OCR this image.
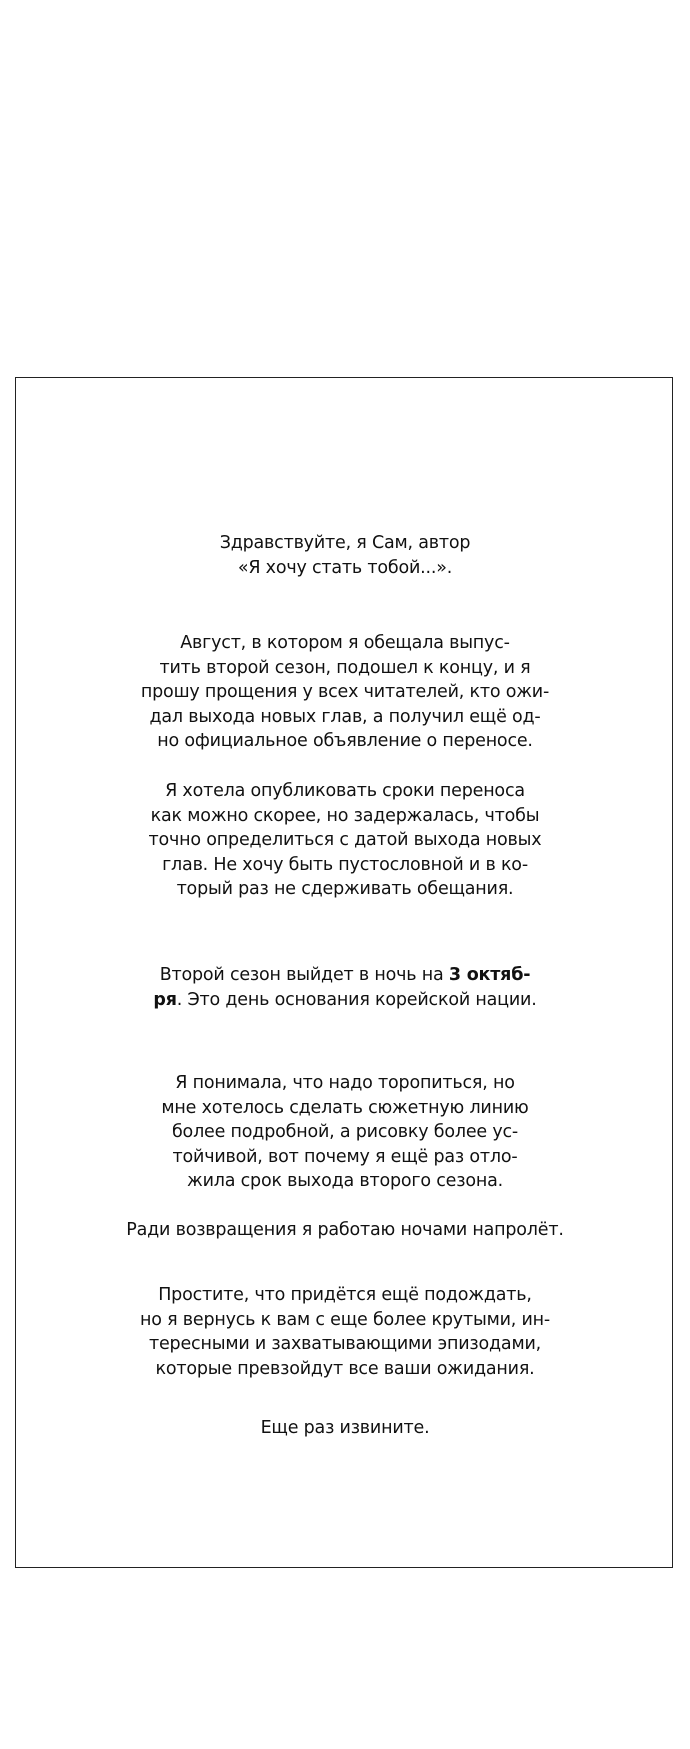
Здравствуйте, я Сам, автор
«Я хочу стать тобой...».

Август, в котором я обещала выпус-
тить второй сезон, подошел к концу, и я
прошу прощения у всех читателей, кто ожи-
дал выхода новых глав, а получил ещё од-
но официальное объявление о переносе.

Я хотела опубликовать сроки переноса
как можно скорее, но задержалась, чтобы
точно определиться с датой выхода новых
глав. Не хочу быть пустословной и в ко-
торый раз не сдерживать обещания.

Второй сезон выйдет в ночь на 3 октяб-
ря. Это день основания корейской нации.

Я понимала, что надо торопиться, но
мне хотелось сделать сюжетную линию
более подробной, а рисовку более ус-
тойчивой, вот почему я ещё раз отло-
жила срок выхода второго сезона.

Ради возвращения я работаю ночами напролёт.

Простите, что придётся ещё подождать,
но я вернусь к вам с еще более крутыми, ин-
тересными и захватывающими эпизодами,
которые превзойдут все ваши ожидания.

Еще раз извините.
